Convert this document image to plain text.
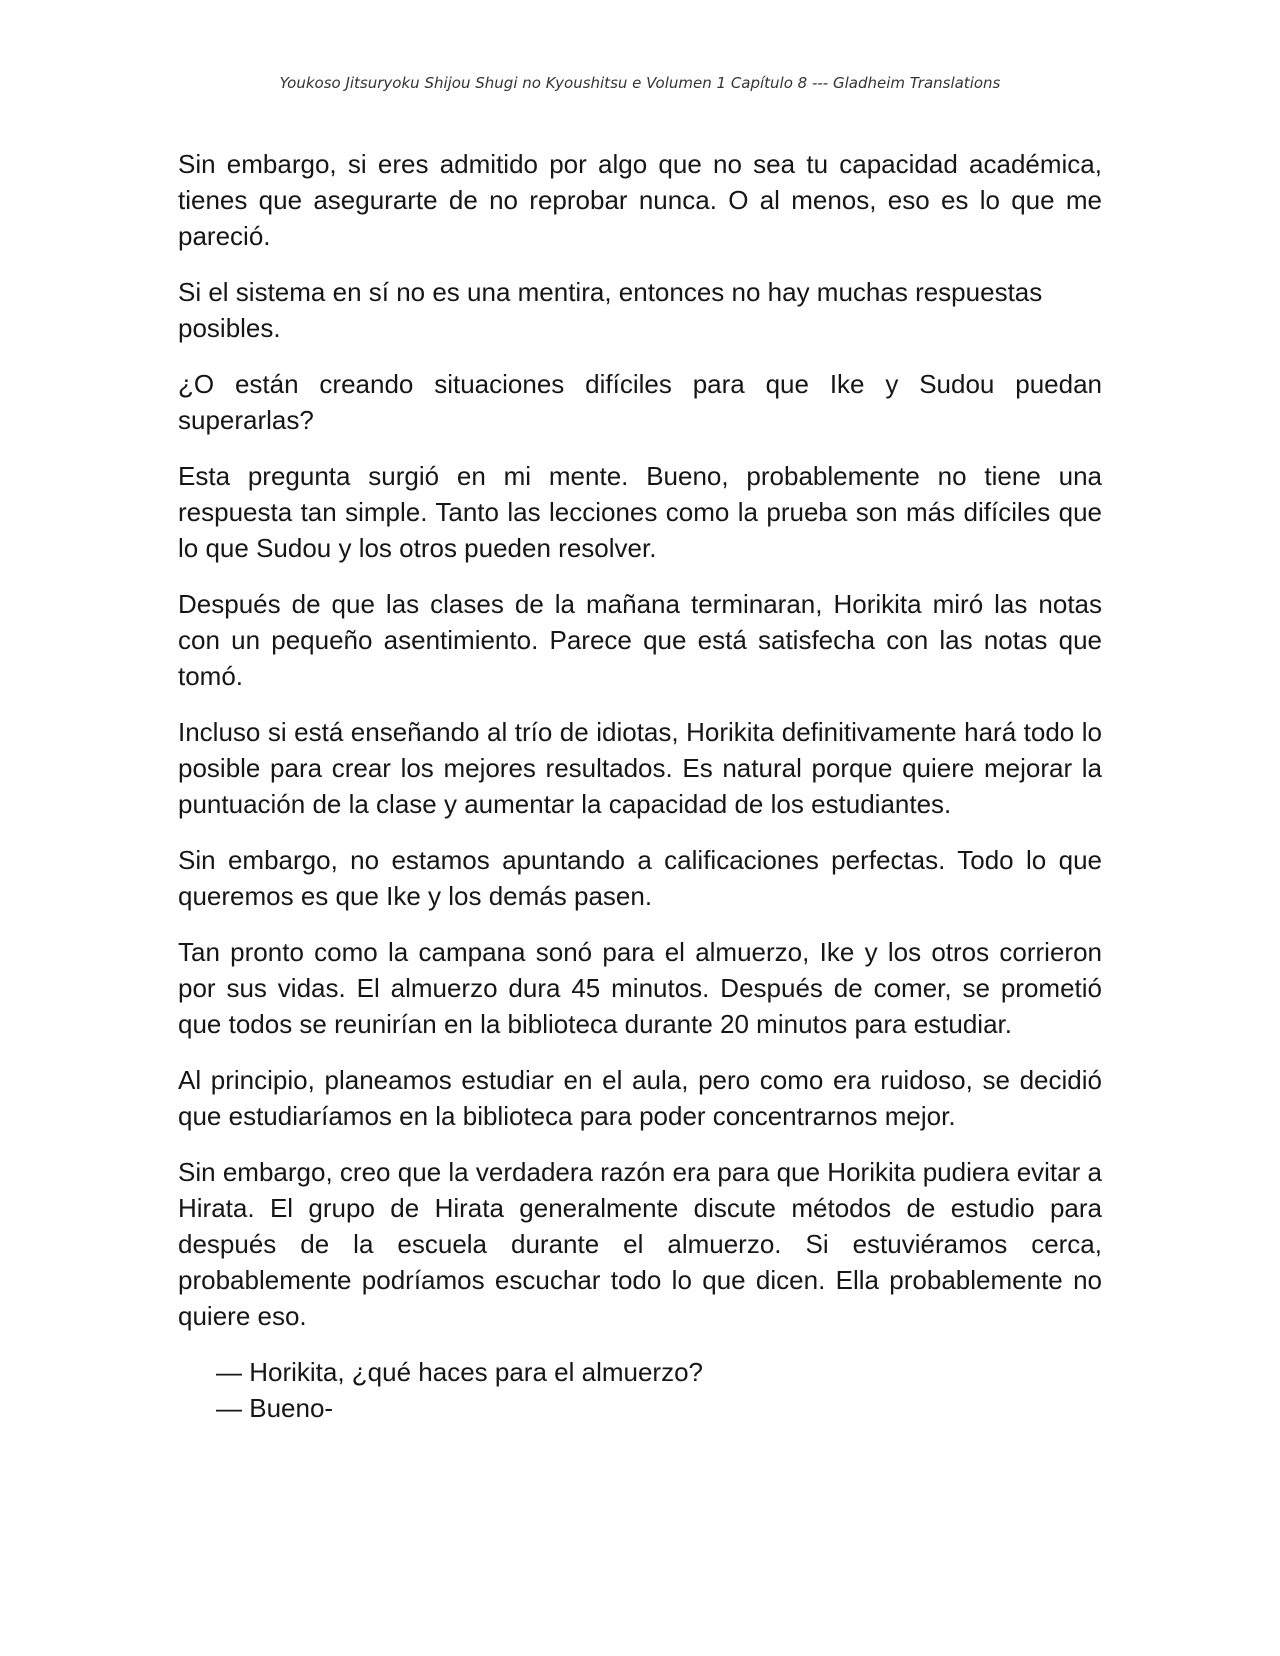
Youkoso Jitsuryoku Shijou Shugi no Kyoushitsu e Volumen 1 Capítulo 8 --- Gladheim Translations

Sin embargo, si eres admitido por algo que no sea tu capacidad académica, tienes que asegurarte de no reprobar nunca. O al menos, eso es lo que me pareció.

Si el sistema en sí no es una mentira, entonces no hay muchas respuestas posibles.

¿O están creando situaciones difíciles para que Ike y Sudou puedan superarlas?

Esta pregunta surgió en mi mente. Bueno, probablemente no tiene una respuesta tan simple. Tanto las lecciones como la prueba son más difíciles que lo que Sudou y los otros pueden resolver.

Después de que las clases de la mañana terminaran, Horikita miró las notas con un pequeño asentimiento. Parece que está satisfecha con las notas que tomó.

Incluso si está enseñando al trío de idiotas, Horikita definitivamente hará todo lo posible para crear los mejores resultados. Es natural porque quiere mejorar la puntuación de la clase y aumentar la capacidad de los estudiantes.

Sin embargo, no estamos apuntando a calificaciones perfectas. Todo lo que queremos es que Ike y los demás pasen.

Tan pronto como la campana sonó para el almuerzo, Ike y los otros corrieron por sus vidas. El almuerzo dura 45 minutos. Después de comer, se prometió que todos se reunirían en la biblioteca durante 20 minutos para estudiar.

Al principio, planeamos estudiar en el aula, pero como era ruidoso, se decidió que estudiaríamos en la biblioteca para poder concentrarnos mejor.

Sin embargo, creo que la verdadera razón era para que Horikita pudiera evitar a Hirata. El grupo de Hirata generalmente discute métodos de estudio para después de la escuela durante el almuerzo. Si estuviéramos cerca, probablemente podríamos escuchar todo lo que dicen. Ella probablemente no quiere eso.

— Horikita, ¿qué haces para el almuerzo?

— Bueno-
